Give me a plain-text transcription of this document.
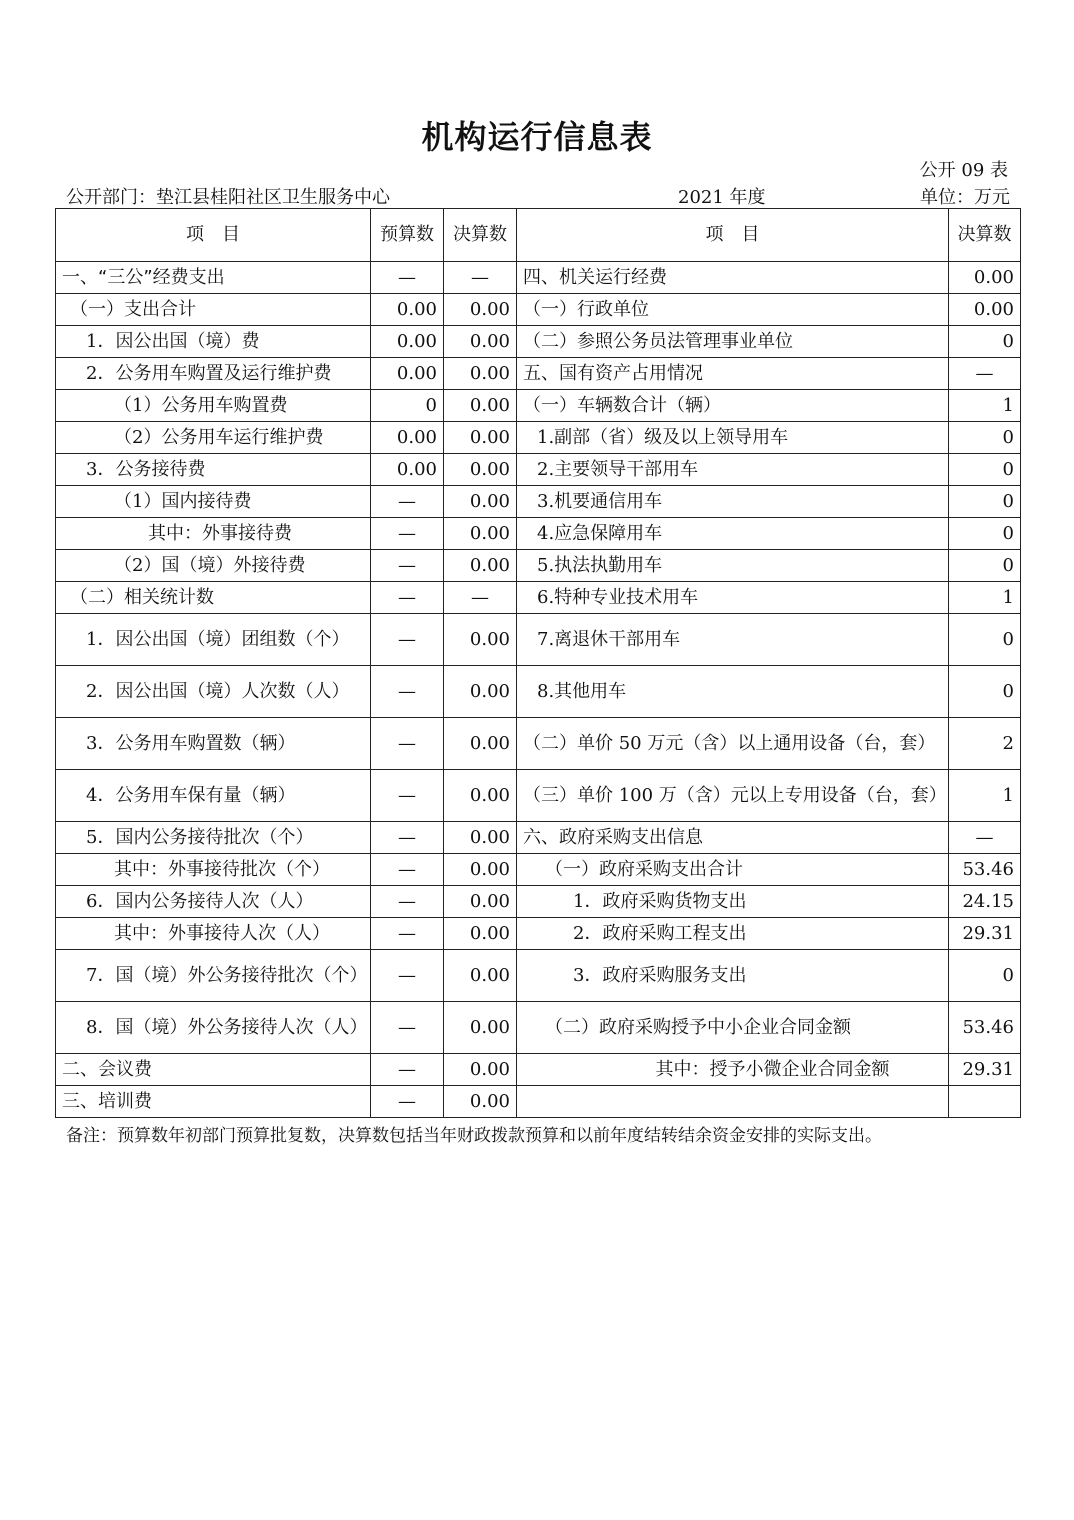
机构运行信息表
公开 09 表
公开部门：垫江县桂阳社区卫生服务中心	2021 年度	单位：万元
项　目	预算数	决算数	项　目	决算数
一、“三公”经费支出	—	—	四、机关运行经费	0.00
（一）支出合计	0.00	0.00	（一）行政单位	0.00
1．因公出国（境）费	0.00	0.00	（二）参照公务员法管理事业单位	0
2．公务用车购置及运行维护费	0.00	0.00	五、国有资产占用情况	—
（1）公务用车购置费	0	0.00	（一）车辆数合计（辆）	1
（2）公务用车运行维护费	0.00	0.00	1.副部（省）级及以上领导用车	0
3．公务接待费	0.00	0.00	2.主要领导干部用车	0
（1）国内接待费	—	0.00	3.机要通信用车	0
其中：外事接待费	—	0.00	4.应急保障用车	0
（2）国（境）外接待费	—	0.00	5.执法执勤用车	0
（二）相关统计数	—	—	6.特种专业技术用车	1
1．因公出国（境）团组数（个）	—	0.00	7.离退休干部用车	0
2．因公出国（境）人次数（人）	—	0.00	8.其他用车	0
3．公务用车购置数（辆）	—	0.00	（二）单价 50 万元（含）以上通用设备（台，套）	2
4．公务用车保有量（辆）	—	0.00	（三）单价 100 万（含）元以上专用设备（台，套）	1
5．国内公务接待批次（个）	—	0.00	六、政府采购支出信息	—
其中：外事接待批次（个）	—	0.00	（一）政府采购支出合计	53.46
6．国内公务接待人次（人）	—	0.00	1．政府采购货物支出	24.15
其中：外事接待人次（人）	—	0.00	2．政府采购工程支出	29.31
7．国（境）外公务接待批次（个）	—	0.00	3．政府采购服务支出	0
8．国（境）外公务接待人次（人）	—	0.00	（二）政府采购授予中小企业合同金额	53.46
二、会议费	—	0.00	其中：授予小微企业合同金额	29.31
三、培训费	—	0.00		
备注：预算数年初部门预算批复数，决算数包括当年财政拨款预算和以前年度结转结余资金安排的实际支出。
